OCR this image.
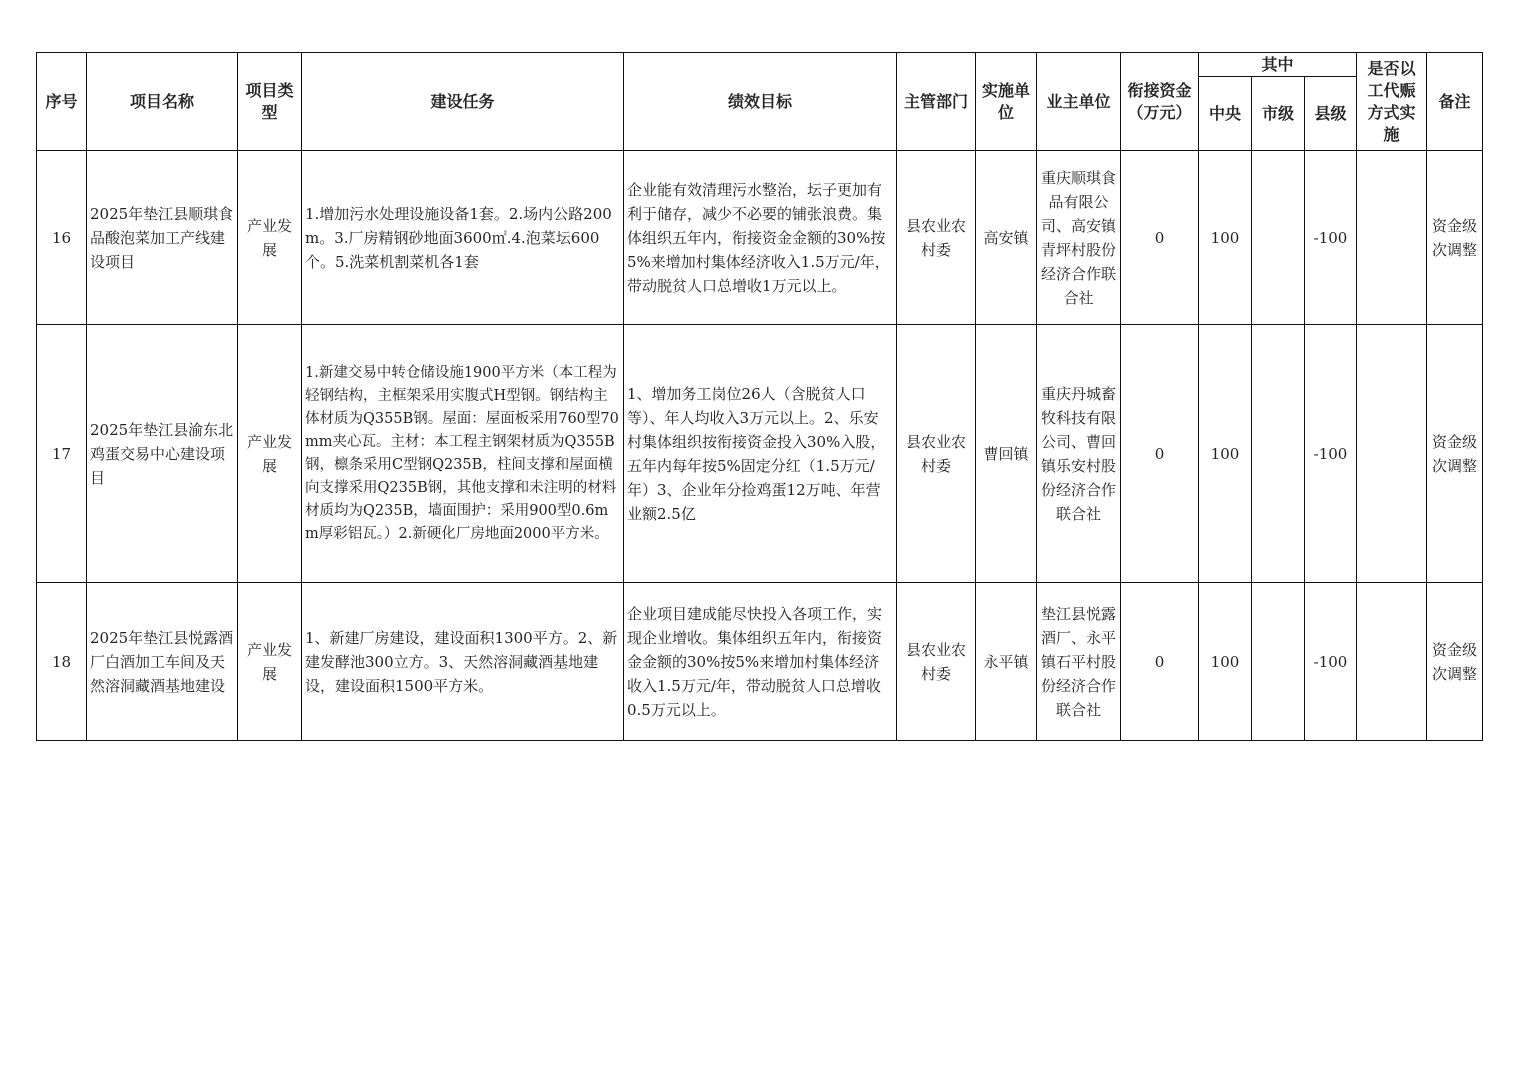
序号	项目名称	项目类型	建设任务	绩效目标	主管部门	实施单位	业主单位	衔接资金（万元）	其中			是否以工代赈方式实施	备注
									中央	市级	县级		
16	2025年垫江县顺琪食品酸泡菜加工产线建设项目	产业发展	1.增加污水处理设施设备1套。2.场内公路200m。3.厂房精钢砂地面3600㎡.4.泡菜坛600个。5.洗菜机割菜机各1套	企业能有效清理污水整治，坛子更加有利于储存，减少不必要的铺张浪费。集体组织五年内，衔接资金金额的30%按5%来增加村集体经济收入1.5万元/年，带动脱贫人口总增收1万元以上。	县农业农村委	高安镇	重庆顺琪食品有限公司、高安镇青坪村股份经济合作联合社	0	100		-100		资金级次调整
17	2025年垫江县渝东北鸡蛋交易中心建设项目	产业发展	1.新建交易中转仓储设施1900平方米（本工程为轻钢结构，主框架采用实腹式H型钢。钢结构主体材质为Q355B钢。屋面：屋面板采用760型70mm夹心瓦。主材：本工程主钢架材质为Q355B钢，檩条采用C型钢Q235B，柱间支撑和屋面横向支撑采用Q235B钢，其他支撑和未注明的材料材质均为Q235B，墙面围护：采用900型0.6mm厚彩铝瓦。）2.新硬化厂房地面2000平方米。	1、增加务工岗位26人（含脱贫人口等）、年人均收入3万元以上。2、乐安村集体组织按衔接资金投入30%入股，五年内每年按5%固定分红（1.5万元/年）3、企业年分捡鸡蛋12万吨、年营业额2.5亿	县农业农村委	曹回镇	重庆丹城畜牧科技有限公司、曹回镇乐安村股份经济合作联合社	0	100		-100		资金级次调整
18	2025年垫江县悦露酒厂白酒加工车间及天然溶洞藏酒基地建设	产业发展	1、新建厂房建设，建设面积1300平方。2、新建发酵池300立方。3、天然溶洞藏酒基地建设，建设面积1500平方米。	企业项目建成能尽快投入各项工作，实现企业增收。集体组织五年内，衔接资金金额的30%按5%来增加村集体经济收入1.5万元/年，带动脱贫人口总增收0.5万元以上。	县农业农村委	永平镇	垫江县悦露酒厂、永平镇石平村股份经济合作联合社	0	100		-100		资金级次调整
